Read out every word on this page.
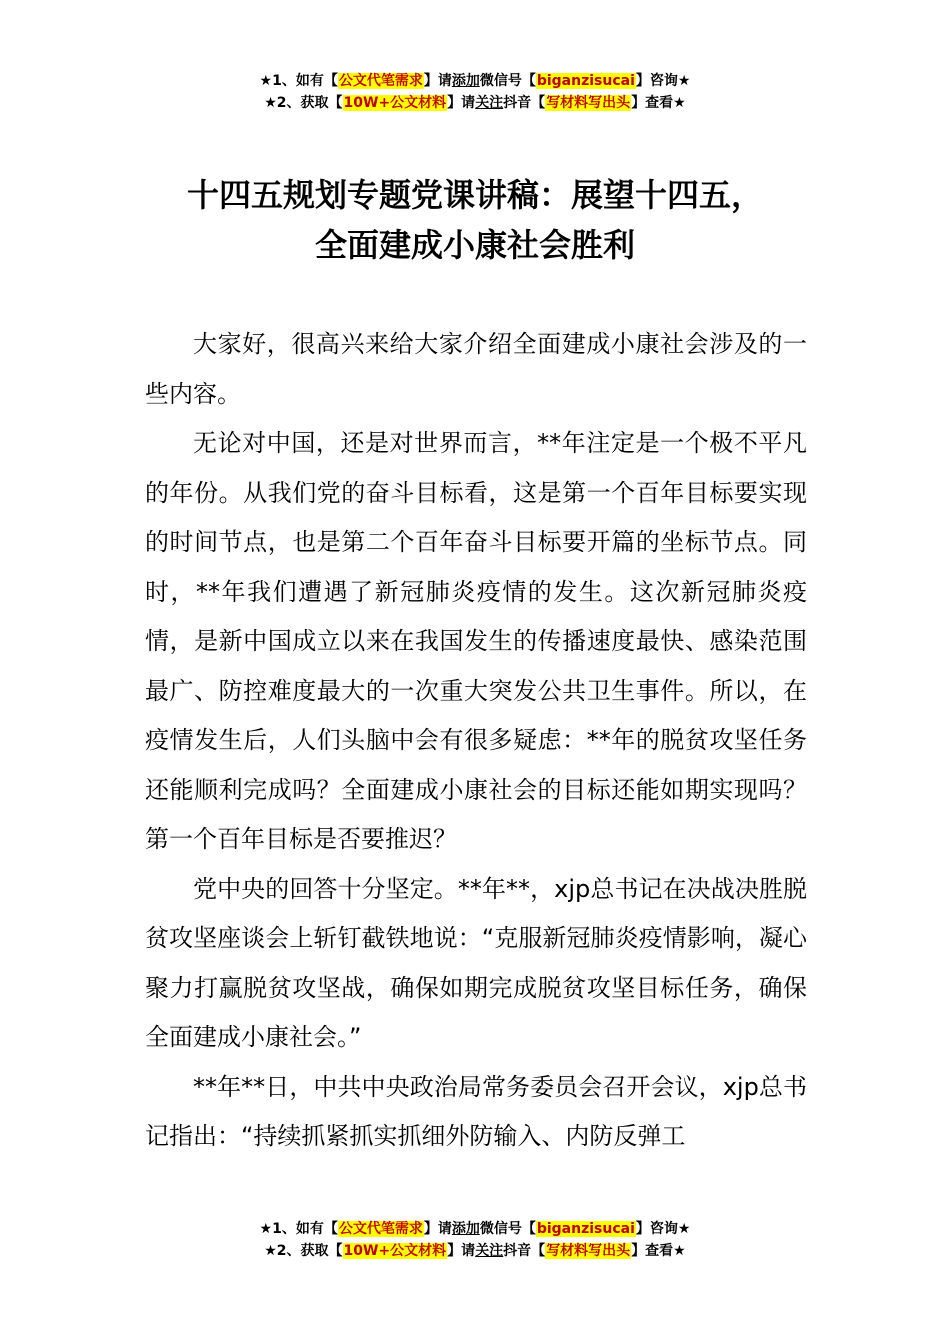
★1、如有【公文代笔需求】请添加微信号【biganzisucai】咨询★
★2、获取【10W+公文材料】请关注抖音【写材料写出头】查看★
十四五规划专题党课讲稿：展望十四五，
全面建成小康社会胜利

大家好，很高兴来给大家介绍全面建成小康社会涉及的一些内容。

无论对中国，还是对世界而言，**年注定是一个极不平凡的年份。从我们党的奋斗目标看，这是第一个百年目标要实现的时间节点，也是第二个百年奋斗目标要开篇的坐标节点。同时，**年我们遭遇了新冠肺炎疫情的发生。这次新冠肺炎疫情，是新中国成立以来在我国发生的传播速度最快、感染范围最广、防控难度最大的一次重大突发公共卫生事件。所以，在疫情发生后，人们头脑中会有很多疑虑：**年的脱贫攻坚任务还能顺利完成吗？全面建成小康社会的目标还能如期实现吗？第一个百年目标是否要推迟？

党中央的回答十分坚定。**年**，xjp总书记在决战决胜脱贫攻坚座谈会上斩钉截铁地说：“克服新冠肺炎疫情影响，凝心聚力打赢脱贫攻坚战，确保如期完成脱贫攻坚目标任务，确保全面建成小康社会。”

**年**日，中共中央政治局常务委员会召开会议，xjp总书记指出：“持续抓紧抓实抓细外防输入、内防反弹工

★1、如有【公文代笔需求】请添加微信号【biganzisucai】咨询★
★2、获取【10W+公文材料】请关注抖音【写材料写出头】查看★
